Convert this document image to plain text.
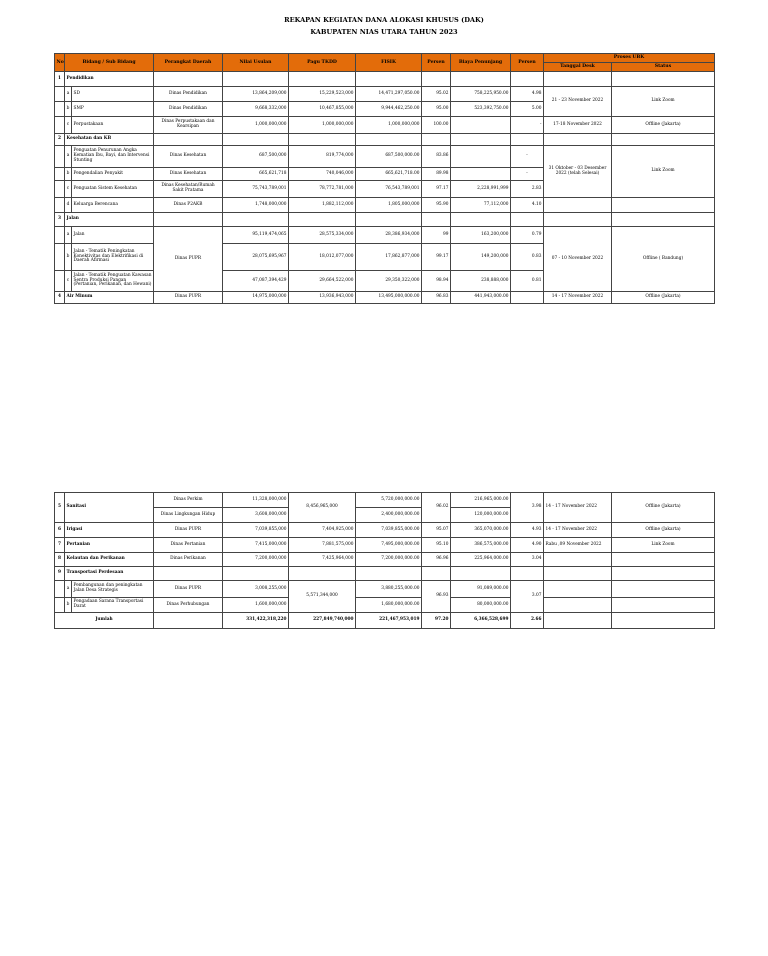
REKAPAN KEGIATAN DANA ALOKASI KHUSUS (DAK)
KABUPATEN NIAS UTARA TAHUN 2023
No	Bidang / Sub Bidang		Perangkat Daerah	Nilai Usulan	Pagu TKDD	FISIK	Persen	Biaya Penunjang	Persen	Proses UBK	
										Tanggal Desk	Status
1	Pendidikan										
	a	SD	Dinas Pendidikan	13,864,209,000	15,229,523,000	14,471,297,050.00	95.02	758,225,950.00	4.98	21 - 23 November 2022	Link Zoom
	b	SMP	Dinas Pendidikan	9,668,332,000	10,467,855,000	9,944,462,250.00	95.00	523,392,750.00	5.00		
	c	Perpustakaan	Dinas Perpustakaan dan Kearsipan	1,000,000,000	1,000,000,000	1,000,000,000	100.00		-	17-18 November 2022	Offline (Jakarta)
2	Kesehatan dan KB										
	a	Penguatan Penurunan Angka Kematian Ibu, Bayi, dan Intervensi Stunting	Dinas Kesehatan	687,500,000	819,774,000	687,500,000.00	83.86		-	31 Oktober - 03 Desember 2022 (telah Selesai)	Link Zoom
	b	Pengendalian Penyakit	Dinas Kesehatan	665,621,718	740,046,000	665,621,718.00	89.98		-		
	c	Penguatan Sistem Kesehatan	Dinas Kesehatan/Rumah Sakit Pratama	75,743,789,001	78,772,781,000	76,543,789,001	97.17	2,228,991,999	2.83		
	d	Keluarga Berencana	Dinas P2AKB	1,748,000,000	1,882,112,000	1,805,000,000	95.90	77,112,000	4.10		
3	Jalan										
	a	Jalan	Dinas PUPR	95,119,474,065	28,575,334,000	28,386,934,000	99	163,200,000	0.79	07 - 10 November 2022	Offline ( Bandung)
	b	Jalan - Tematik Peningkatan Konektivitas dan Elektrifikasi di Daerah Afirmasi		28,075,695,967	18,012,077,000	17,862,877,000	99.17	149,200,000	0.83		
	c	Jalan - Tematik Penguatan Kawasan Sentra Produksi Pangan (Pertanian, Perikanan, dan Hewani)		47,087,394,429	29,664,522,000	29,350,322,000	98.94	238,888,000	0.81		
4	Air Minum		Dinas PUPR	14,975,000,000	13,936,943,000	13,495,000,000.00	96.83	441,943,000.00		14 - 17 November 2022	Offline (Jakarta)
5	Sanitasi		Dinas Perkim	11,328,000,000	8,456,965,000	5,720,000,000.00	96.02	216,965,000.00	3.98	14 - 17 November 2022	Offline (Jakarta)
			Dinas Lingkungan Hidup	3,608,000,000		2,400,000,000.00		120,000,000.00			
6	Irigasi		Dinas PUPR	7,039,855,000	7,404,925,000	7,039,855,000.00	95.07	365,070,000.00	4.93	14 - 17 November 2022	Offline (Jakarta)
7	Pertanian		Dinas Pertanian	7,415,000,000	7,881,575,000	7,495,000,000.00	95.10	386,575,000.00	4.90	Rabu ,09 November 2022	Link Zoom
8	Kelautan dan Perikanan		Dinas Perikanan	7,200,000,000	7,425,964,000	7,200,000,000.00	96.96	225,964,000.00	3.04		
9	Transportasi Perdesaan										
	a	Pembangunan dan peningkatan Jalan Desa Strategis	Dinas PUPR	3,008,255,000	5,571,344,000	3,880,255,000.00	96.93	91,089,000.00	3.07		
	b	Pengadaan Sarana Transportasi Darat	Dinas Perhubungan	1,600,000,000		1,680,000,000.00		80,000,000.00			
Jumlah				331,422,318,220	227,849,740,000	221,467,953,019	97.20	6,366,528,699	2.66		
